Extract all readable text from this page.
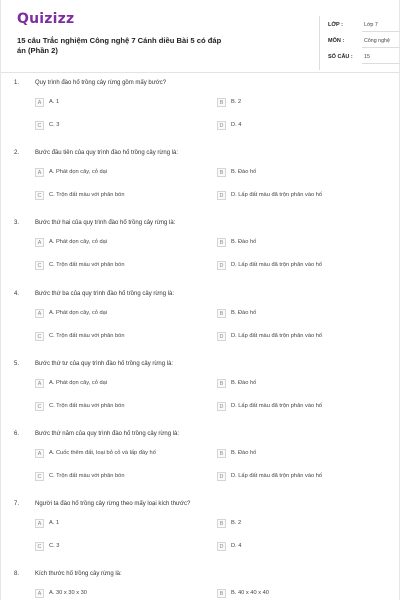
Quizizz
15 câu Trắc nghiệm Công nghệ 7 Cánh diều Bài 5 có đáp án (Phần 2)
LỚP :	Lớp 7
MÔN :	Công nghệ
SỐ CÂU : 15
1.	Quy trình đào hố trồng cây rừng gồm mấy bước?
A	A. 1	B	B. 2
C	C. 3	D	D. 4
2.	Bước đầu tiên của quy trình đào hố trồng cây rừng là:
A	A. Phát dọn cây, cỏ dại	B	B. Đào hố
C	C. Trộn đất màu với phân bón	D	D. Lấp đất màu đã trộn phân vào hố
3.	Bước thứ hai của quy trình đào hố trồng cây rừng là:
A	A. Phát dọn cây, cỏ dại	B	B. Đào hố
C	C. Trộn đất màu với phân bón	D	D. Lấp đất màu đã trộn phân vào hố
4.	Bước thứ ba của quy trình đào hố trồng cây rừng là:
A	A. Phát dọn cây, cỏ dại	B	B. Đào hố
C	C. Trộn đất màu với phân bón	D	D. Lấp đất màu đã trộn phân vào hố
5.	Bước thứ tư của quy trình đào hố trồng cây rừng là:
A	A. Phát dọn cây, cỏ dại	B	B. Đào hố
C	C. Trộn đất màu với phân bón	D	D. Lấp đất màu đã trộn phân vào hố
6.	Bước thứ năm của quy trình đào hố trồng cây rừng là:
A	A. Cuốc thêm đất, loại bỏ cỏ và lấp đầy hố	B	B. Đào hố
C	C. Trộn đất màu với phân bón	D	D. Lấp đất màu đã trộn phân vào hố
7.	Người ta đào hố trồng cây rừng theo mấy loại kích thước?
A	A. 1	B	B. 2
C	C. 3	D	D. 4
8.	Kích thước hố trồng cây rừng là:
A	A. 30 x 30 x 30	B	B. 40 x 40 x 40
